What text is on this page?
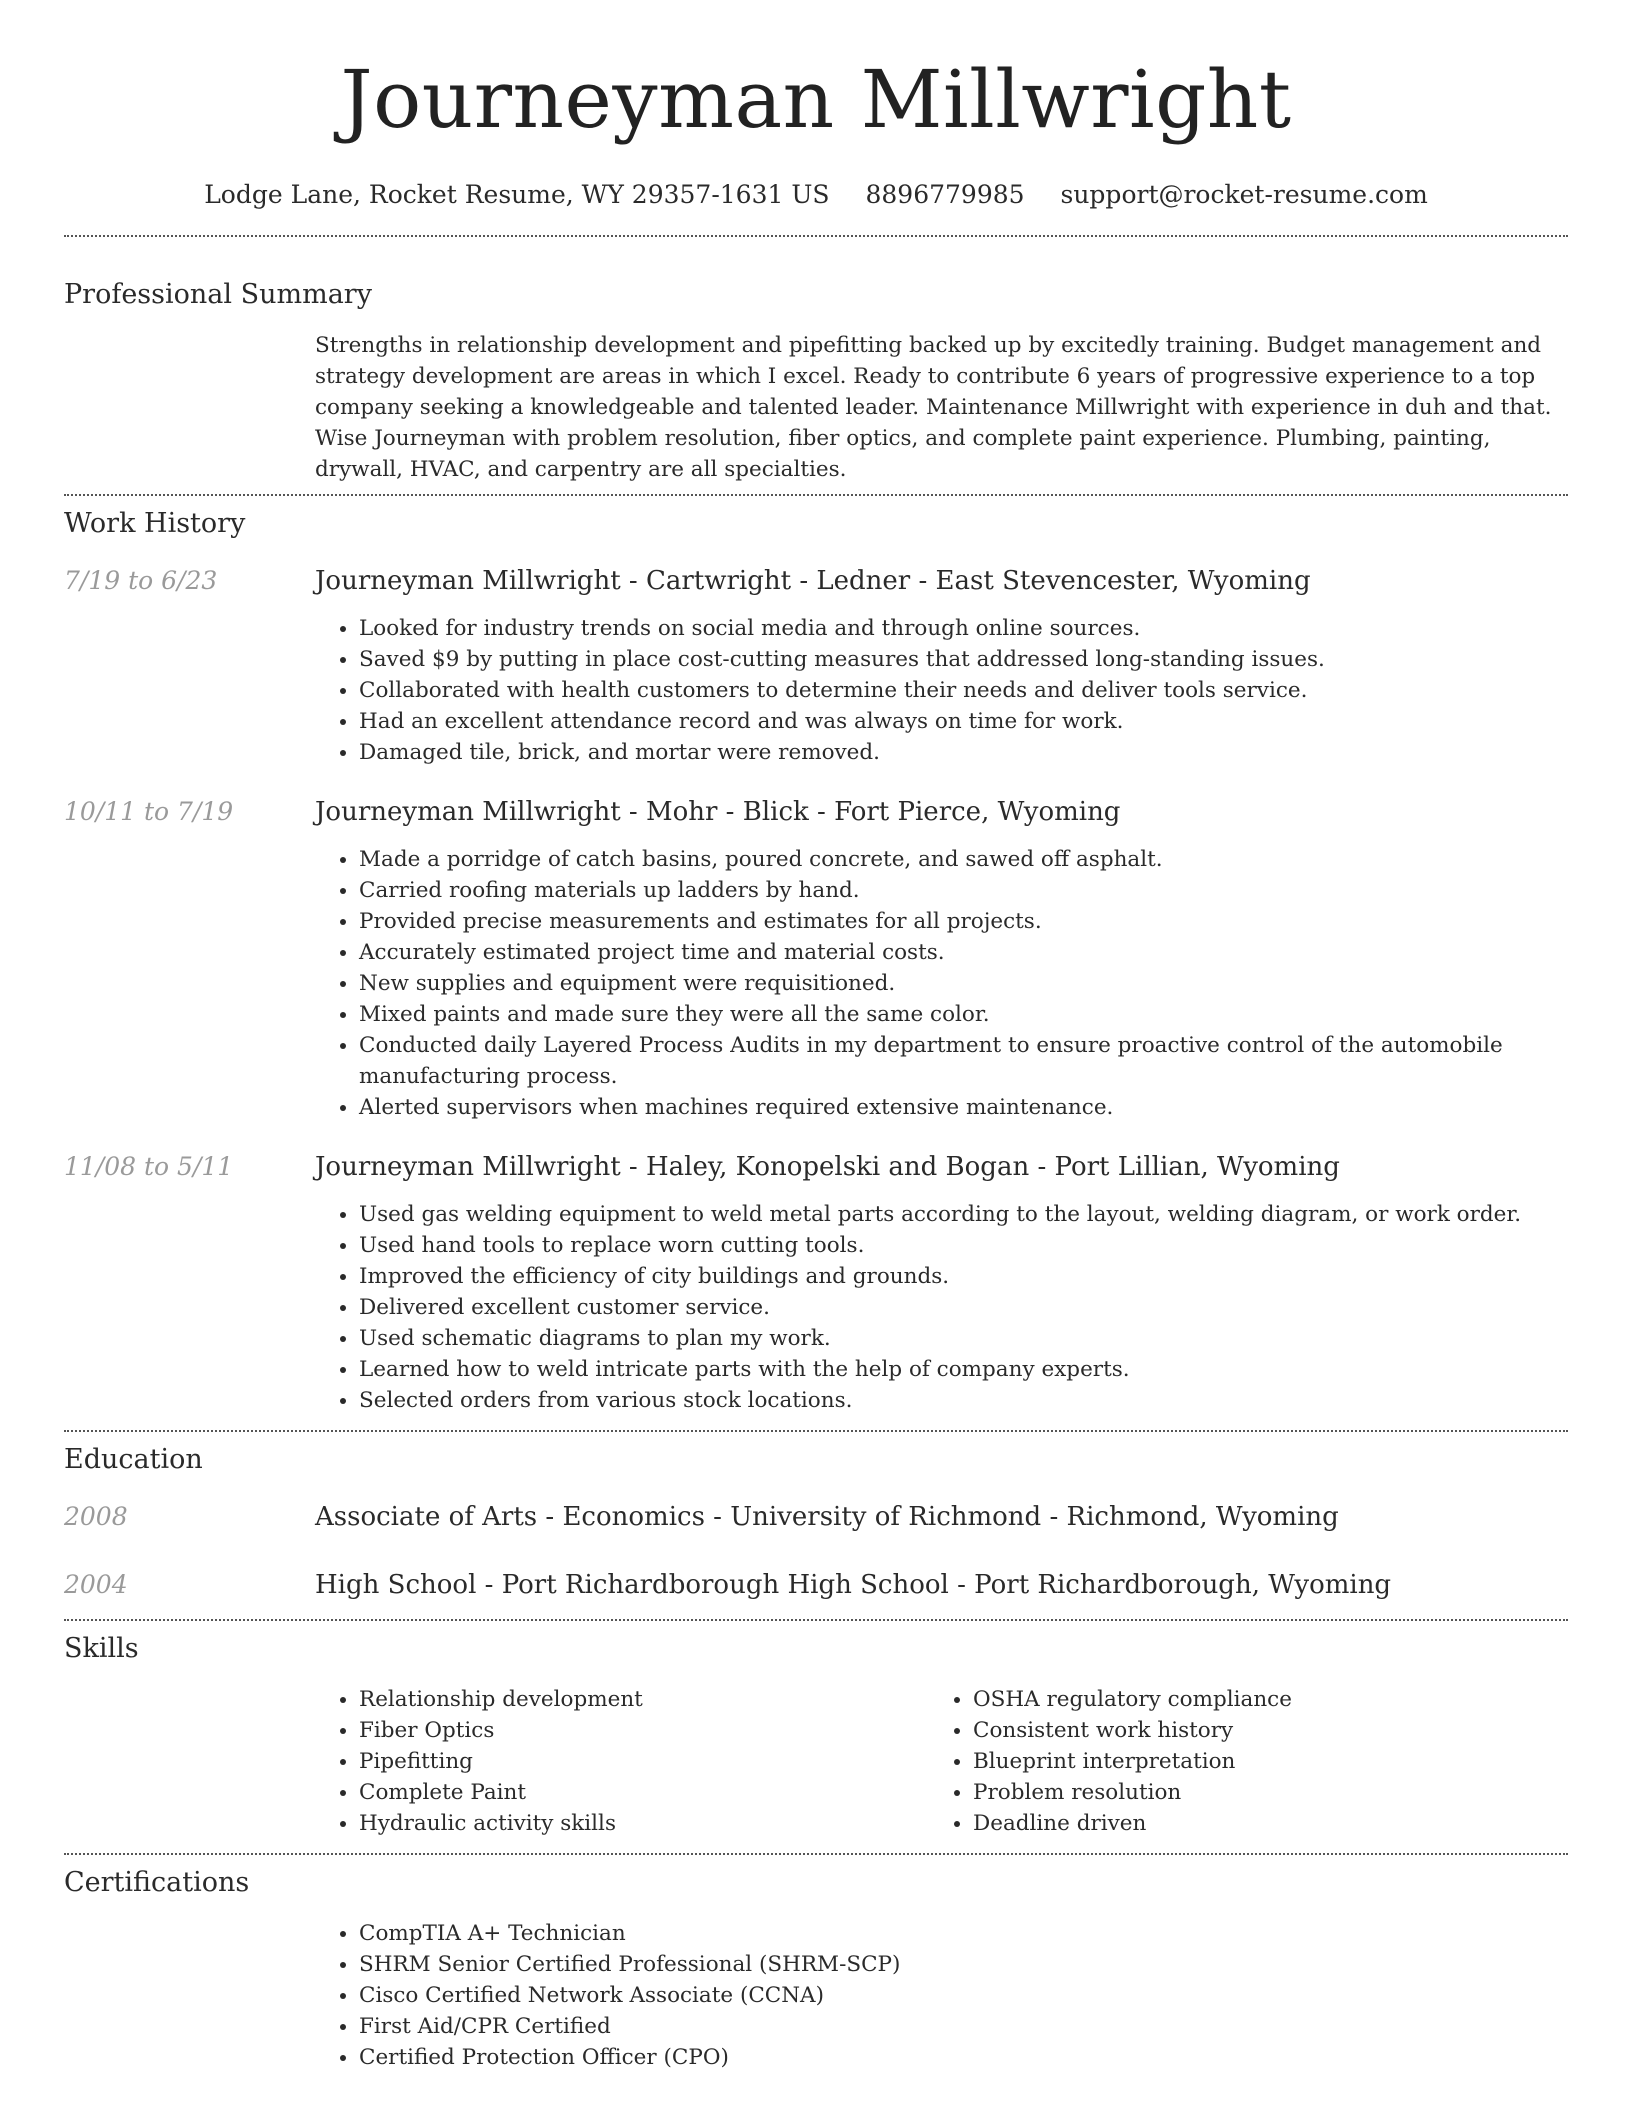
Journeyman Millwright
Lodge Lane, Rocket Resume, WY 29357-1631 US 8896779985 support@rocket-resume.com
Professional Summary
Strengths in relationship development and pipefitting backed up by excitedly training. Budget management and strategy development are areas in which I excel. Ready to contribute 6 years of progressive experience to a top company seeking a knowledgeable and talented leader. Maintenance Millwright with experience in duh and that. Wise Journeyman with problem resolution, fiber optics, and complete paint experience. Plumbing, painting, drywall, HVAC, and carpentry are all specialties.
Work History
7/19 to 6/23	Journeyman Millwright - Cartwright - Ledner - East Stevencester, Wyoming
• Looked for industry trends on social media and through online sources.
• Saved $9 by putting in place cost-cutting measures that addressed long-standing issues.
• Collaborated with health customers to determine their needs and deliver tools service.
• Had an excellent attendance record and was always on time for work.
• Damaged tile, brick, and mortar were removed.
10/11 to 7/19	Journeyman Millwright - Mohr - Blick - Fort Pierce, Wyoming
• Made a porridge of catch basins, poured concrete, and sawed off asphalt.
• Carried roofing materials up ladders by hand.
• Provided precise measurements and estimates for all projects.
• Accurately estimated project time and material costs.
• New supplies and equipment were requisitioned.
• Mixed paints and made sure they were all the same color.
• Conducted daily Layered Process Audits in my department to ensure proactive control of the automobile manufacturing process.
• Alerted supervisors when machines required extensive maintenance.
11/08 to 5/11	Journeyman Millwright - Haley, Konopelski and Bogan - Port Lillian, Wyoming
• Used gas welding equipment to weld metal parts according to the layout, welding diagram, or work order.
• Used hand tools to replace worn cutting tools.
• Improved the efficiency of city buildings and grounds.
• Delivered excellent customer service.
• Used schematic diagrams to plan my work.
• Learned how to weld intricate parts with the help of company experts.
• Selected orders from various stock locations.
Education
2008	Associate of Arts - Economics - University of Richmond - Richmond, Wyoming
2004	High School - Port Richardborough High School - Port Richardborough, Wyoming
Skills
• Relationship development
• Fiber Optics
• Pipefitting
• Complete Paint
• Hydraulic activity skills
• OSHA regulatory compliance
• Consistent work history
• Blueprint interpretation
• Problem resolution
• Deadline driven
Certifications
• CompTIA A+ Technician
• SHRM Senior Certified Professional (SHRM-SCP)
• Cisco Certified Network Associate (CCNA)
• First Aid/CPR Certified
• Certified Protection Officer (CPO)
